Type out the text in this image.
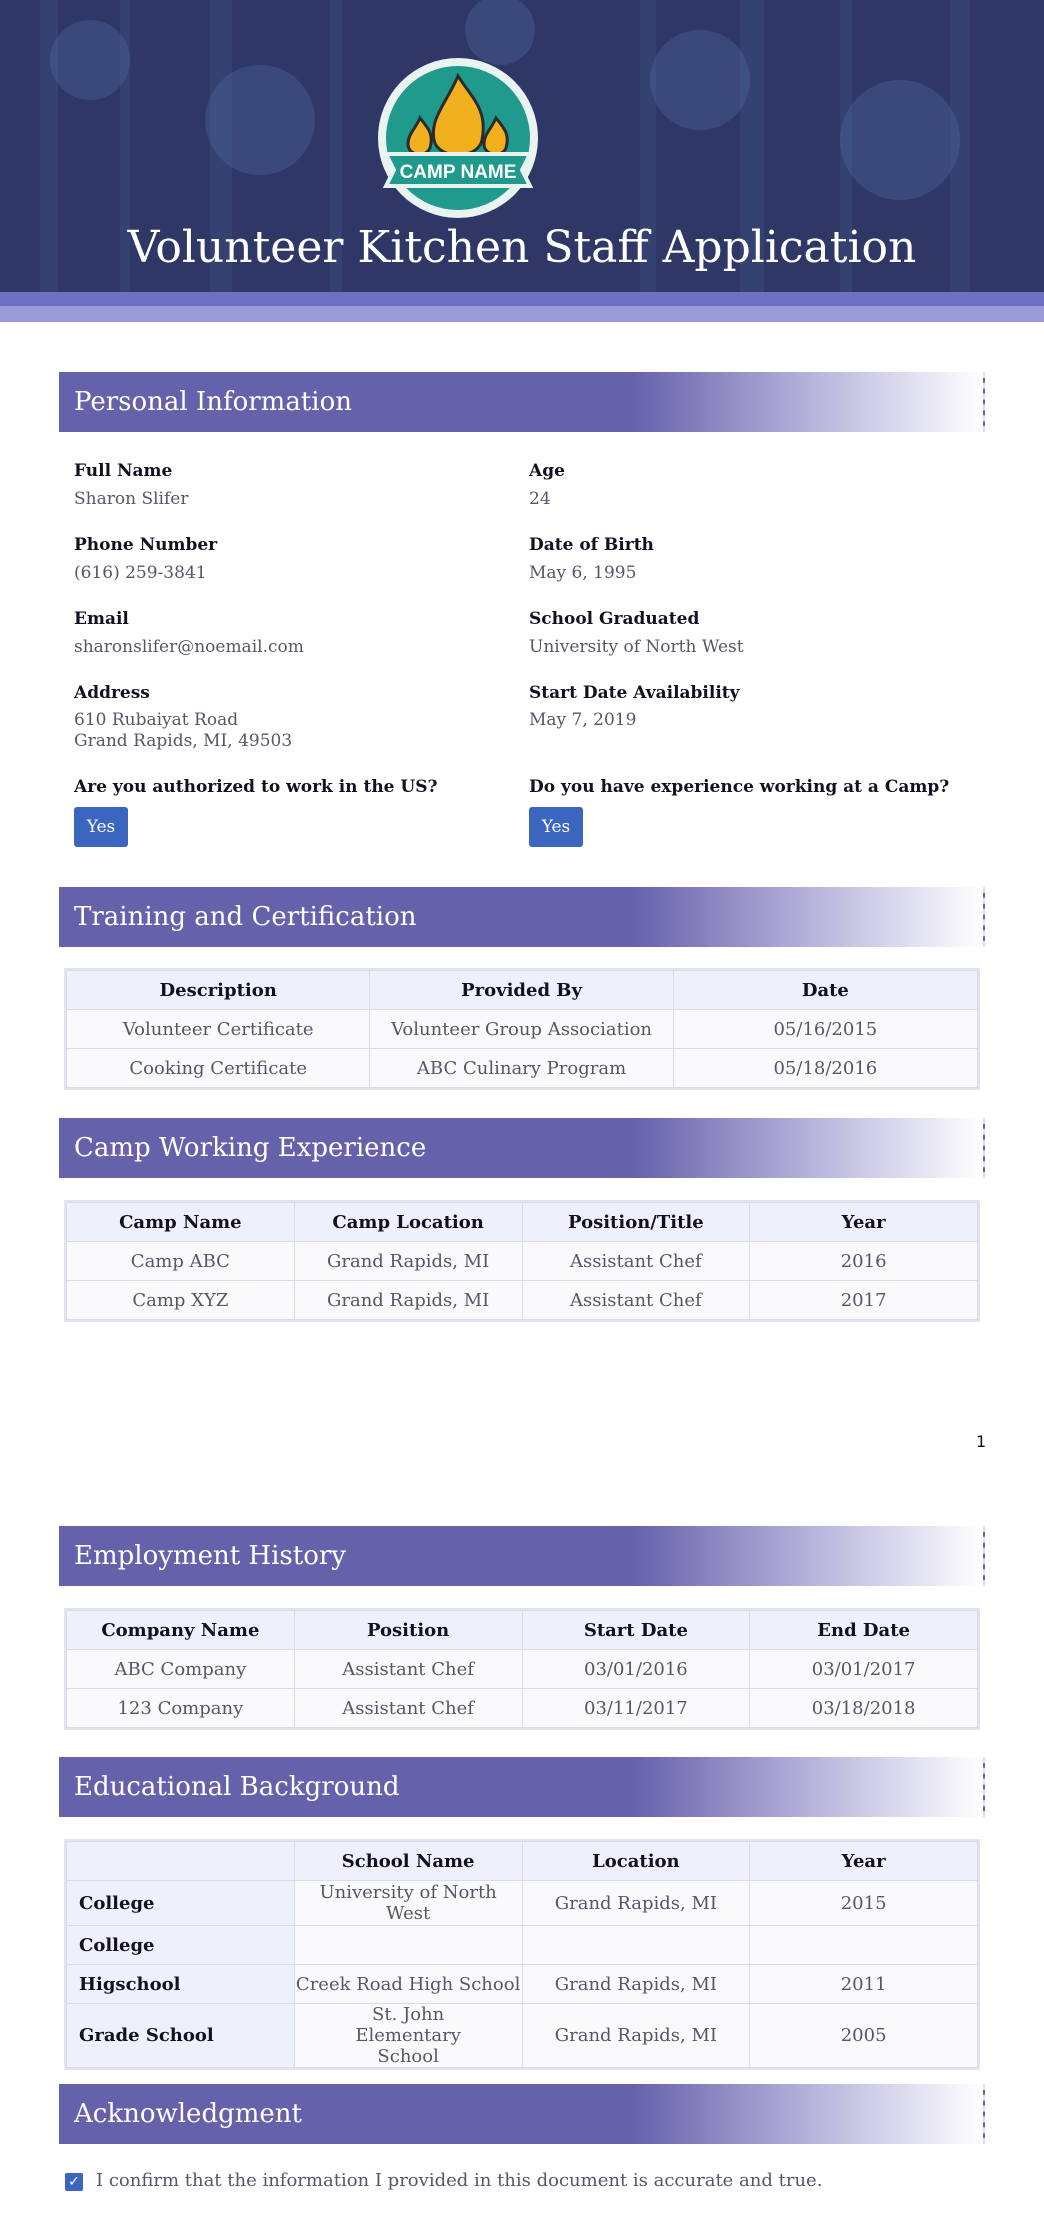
CAMP NAME
Volunteer Kitchen Staff Application
Personal Information
Full Name
Sharon Slifer
Age
24
Phone Number
(616) 259-3841
Date of Birth
May 6, 1995
Email
sharonslifer@noemail.com
School Graduated
University of North West
Address
610 Rubaiyat Road
Grand Rapids, MI, 49503
Start Date Availability
May 7, 2019
Are you authorized to work in the US?
Yes
Do you have experience working at a Camp?
Yes
Training and Certification
Description	Provided By	Date
Volunteer Certificate	Volunteer Group Association	05/16/2015
Cooking Certificate	ABC Culinary Program	05/18/2016
Camp Working Experience
Camp Name	Camp Location	Position/Title	Year
Camp ABC	Grand Rapids, MI	Assistant Chef	2016
Camp XYZ	Grand Rapids, MI	Assistant Chef	2017
1
Employment History
Company Name	Position	Start Date	End Date
ABC Company	Assistant Chef	03/01/2016	03/01/2017
123 Company	Assistant Chef	03/11/2017	03/18/2018
Educational Background
	School Name	Location	Year
College	University of North West	Grand Rapids, MI	2015
College			
Higschool	Creek Road High School	Grand Rapids, MI	2011
Grade School	St. John Elementary School	Grand Rapids, MI	2005
Acknowledgment
✓ I confirm that the information I provided in this document is accurate and true.
